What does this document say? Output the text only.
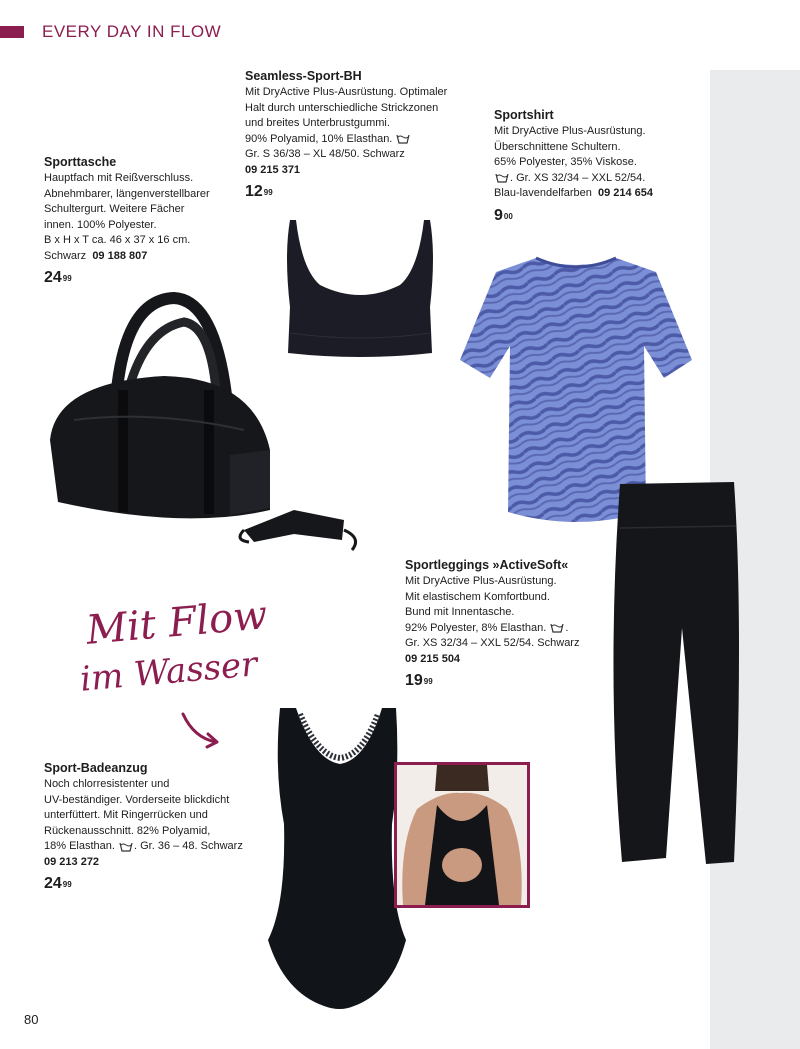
EVERY DAY IN FLOW
Seamless-Sport-BH
Mit DryActive Plus-Ausrüstung. Optimaler
Halt durch unterschiedliche Strickzonen
und breites Unterbrustgummi.
90% Polyamid, 10% Elasthan.
Gr. S 36/38 – XL 48/50. Schwarz
09 215 371
$12^{99}$
Sportshirt
Mit DryActive Plus-Ausrüstung.
Überschnittene Schultern.
65% Polyester, 35% Viskose.
. Gr. XS 32/34 – XXL 52/54.
Blau-lavendelfarben 09 214 654
$9^{00}$
Sporttasche
Hauptfach mit Reißverschluss.
Abnehmbarer, längenverstellbarer
Schultergurt. Weitere Fächer
innen. 100% Polyester.
B x H x T ca. 46 x 37 x 16 cm.
Schwarz 09 188 807
$24^{99}$
Sportleggings »ActiveSoft«
Mit DryActive Plus-Ausrüstung.
Mit elastischem Komfortbund.
Bund mit Innentasche.
92% Polyester, 8% Elasthan. .
Gr. XS 32/34 – XXL 52/54. Schwarz
09 215 504
$19^{99}$
Sport-Badeanzug
Noch chlorresistenter und
UV-beständiger. Vorderseite blickdicht
unterfüttert. Mit Ringerrücken und
Rückenausschnitt. 82% Polyamid,
18% Elasthan. . Gr. 36 – 48. Schwarz
09 213 272
$24^{99}$
Mit Flow
im Wasser
80
